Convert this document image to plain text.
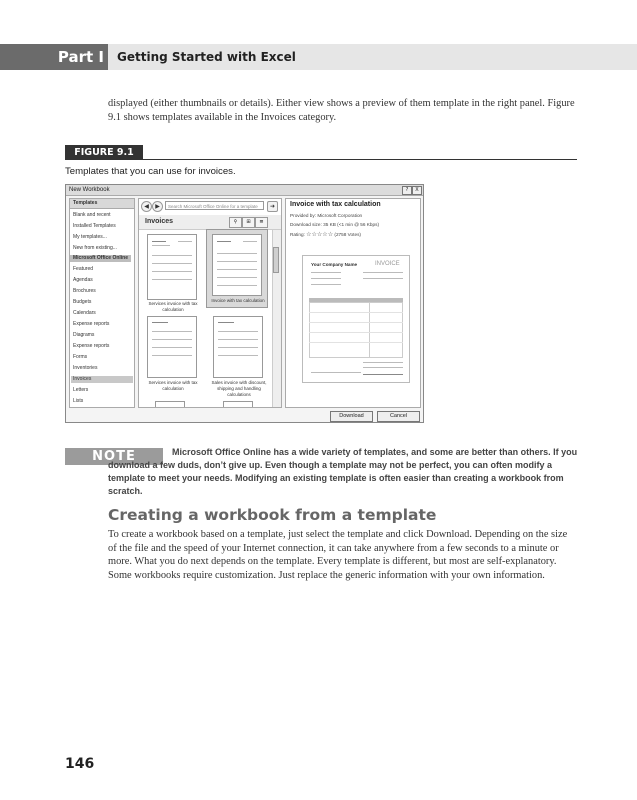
Part I Getting Started with Excel
displayed (either thumbnails or details). Either view shows a preview of them template in the right panel. Figure 9.1 shows templates available in the Invoices category.
FIGURE 9.1
Templates that you can use for invoices.
New Workbook	?	X
Templates
Blank and recent
Installed Templates
My templates...
New from existing...
Microsoft Office Online
Featured
Agendas
Brochures
Budgets
Calendars
Expense reports
Diagrams
Expense reports
Forms
Inventories
Invoices
Letters
Lists
◀	▶	Search Microsoft Office Online for a template	➜
Invoices	⚲	⊞	≣
Services invoice with tax calculation
Invoice with tax calculation
Services invoice with tax calculation
Sales invoice with discount, shipping and handling calculations
Invoice with tax calculation
Provided by: Microsoft Corporation
Download size: 35 KB (<1 min @ 56 Kbps)
Rating: ☆☆☆☆☆ (2758 Votes)
Your Company Name	INVOICE
Download	Cancel
NOTE	Microsoft Office Online has a wide variety of templates, and some are better than others. If you download a few duds, don’t give up. Even though a template may not be perfect, you can often modify a template to meet your needs. Modifying an existing template is often easier than creating a workbook from scratch.
Creating a workbook from a template
To create a workbook based on a template, just select the template and click Download. Depending on the size of the file and the speed of your Internet connection, it can take anywhere from a few seconds to a minute or more. What you do next depends on the template. Every template is different, but most are self-explanatory. Some workbooks require customization. Just replace the generic information with your own information.
146
